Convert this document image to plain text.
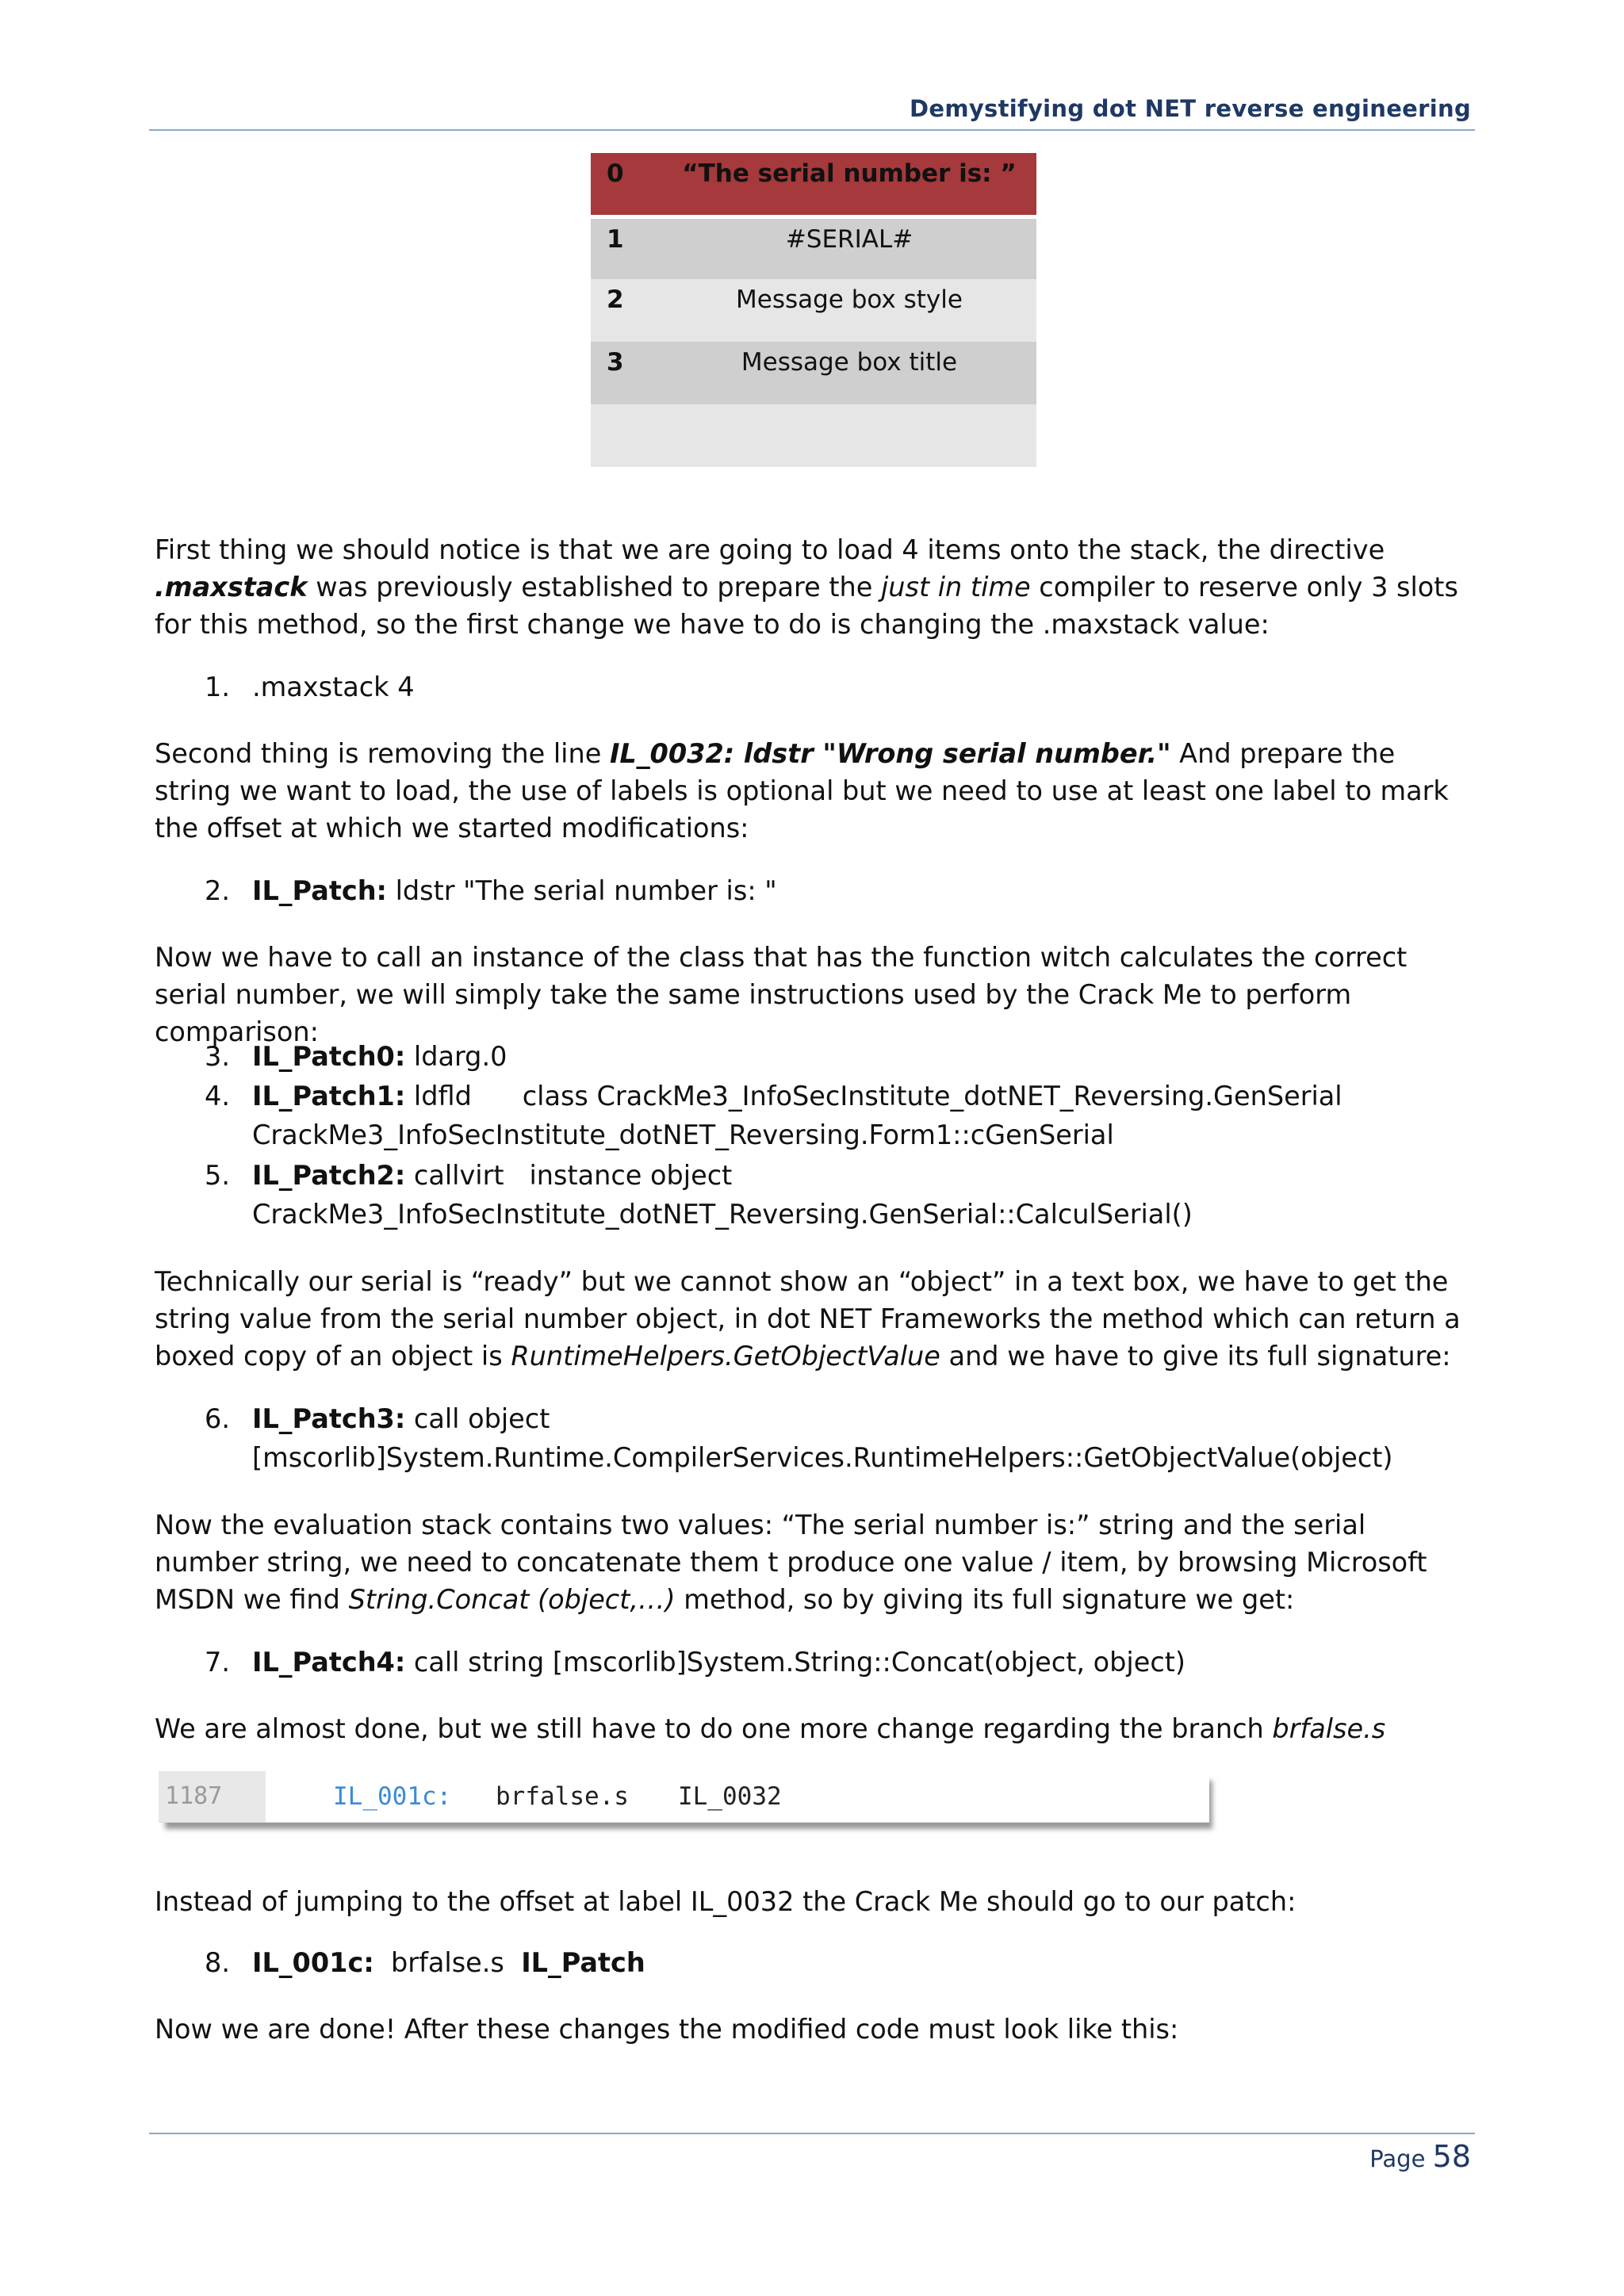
Demystifying dot NET reverse engineering
0	“The serial number is: ”
1	#SERIAL#
2	Message box style
3	Message box title

First thing we should notice is that we are going to load 4 items onto the stack, the directive .maxstack was previously established to prepare the just in time compiler to reserve only 3 slots for this method, so the first change we have to do is changing the .maxstack value:
1. .maxstack 4
Second thing is removing the line IL_0032: ldstr "Wrong serial number." And prepare the string we want to load, the use of labels is optional but we need to use at least one label to mark the offset at which we started modifications:
2. IL_Patch: ldstr "The serial number is: "
Now we have to call an instance of the class that has the function witch calculates the correct serial number, we will simply take the same instructions used by the Crack Me to perform comparison:
3. IL_Patch0: ldarg.0
4. IL_Patch1: ldfld      class CrackMe3_InfoSecInstitute_dotNET_Reversing.GenSerial
CrackMe3_InfoSecInstitute_dotNET_Reversing.Form1::cGenSerial
5. IL_Patch2: callvirt   instance object
CrackMe3_InfoSecInstitute_dotNET_Reversing.GenSerial::CalculSerial()
Technically our serial is “ready” but we cannot show an “object” in a text box, we have to get the string value from the serial number object, in dot NET Frameworks the method which can return a boxed copy of an object is RuntimeHelpers.GetObjectValue and we have to give its full signature:
6. IL_Patch3: call object
[mscorlib]System.Runtime.CompilerServices.RuntimeHelpers::GetObjectValue(object)
Now the evaluation stack contains two values: “The serial number is:” string and the serial number string, we need to concatenate them t produce one value / item, by browsing Microsoft MSDN we find String.Concat (object,…) method, so by giving its full signature we get:
7. IL_Patch4: call string [mscorlib]System.String::Concat(object, object)
We are almost done, but we still have to do one more change regarding the branch brfalse.s
1187	IL_001c: brfalse.s IL_0032
Instead of jumping to the offset at label IL_0032 the Crack Me should go to our patch:
8. IL_001c:  brfalse.s  IL_Patch
Now we are done! After these changes the modified code must look like this:
Page 58
